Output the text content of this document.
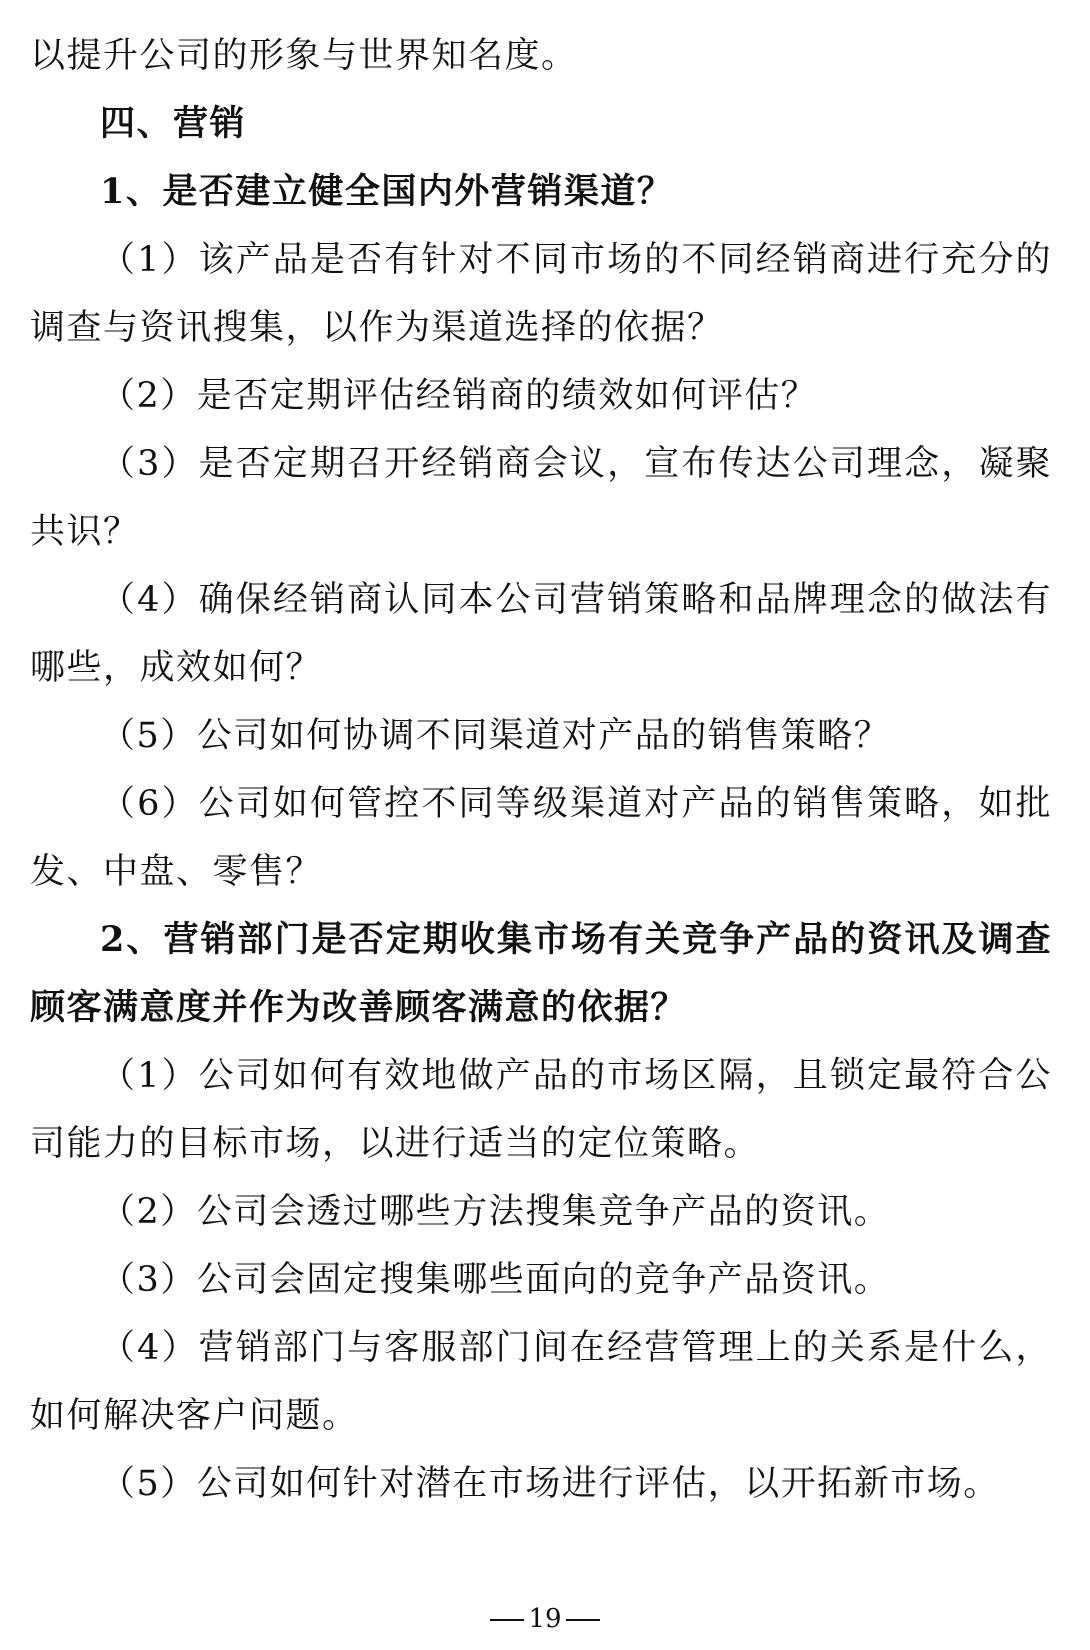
以提升公司的形象与世界知名度。

四、营销

1、是否建立健全国内外营销渠道？

（1）该产品是否有针对不同市场的不同经销商进行充分的调查与资讯搜集，以作为渠道选择的依据？

（2）是否定期评估经销商的绩效如何评估？

（3）是否定期召开经销商会议，宣布传达公司理念，凝聚共识？

（4）确保经销商认同本公司营销策略和品牌理念的做法有哪些，成效如何？

（5）公司如何协调不同渠道对产品的销售策略？

（6）公司如何管控不同等级渠道对产品的销售策略，如批发、中盘、零售？

2、营销部门是否定期收集市场有关竞争产品的资讯及调查顾客满意度并作为改善顾客满意的依据？

（1）公司如何有效地做产品的市场区隔，且锁定最符合公司能力的目标市场，以进行适当的定位策略。

（2）公司会透过哪些方法搜集竞争产品的资讯。

（3）公司会固定搜集哪些面向的竞争产品资讯。

（4）营销部门与客服部门间在经营管理上的关系是什么，如何解决客户问题。

（5）公司如何针对潜在市场进行评估，以开拓新市场。

19
